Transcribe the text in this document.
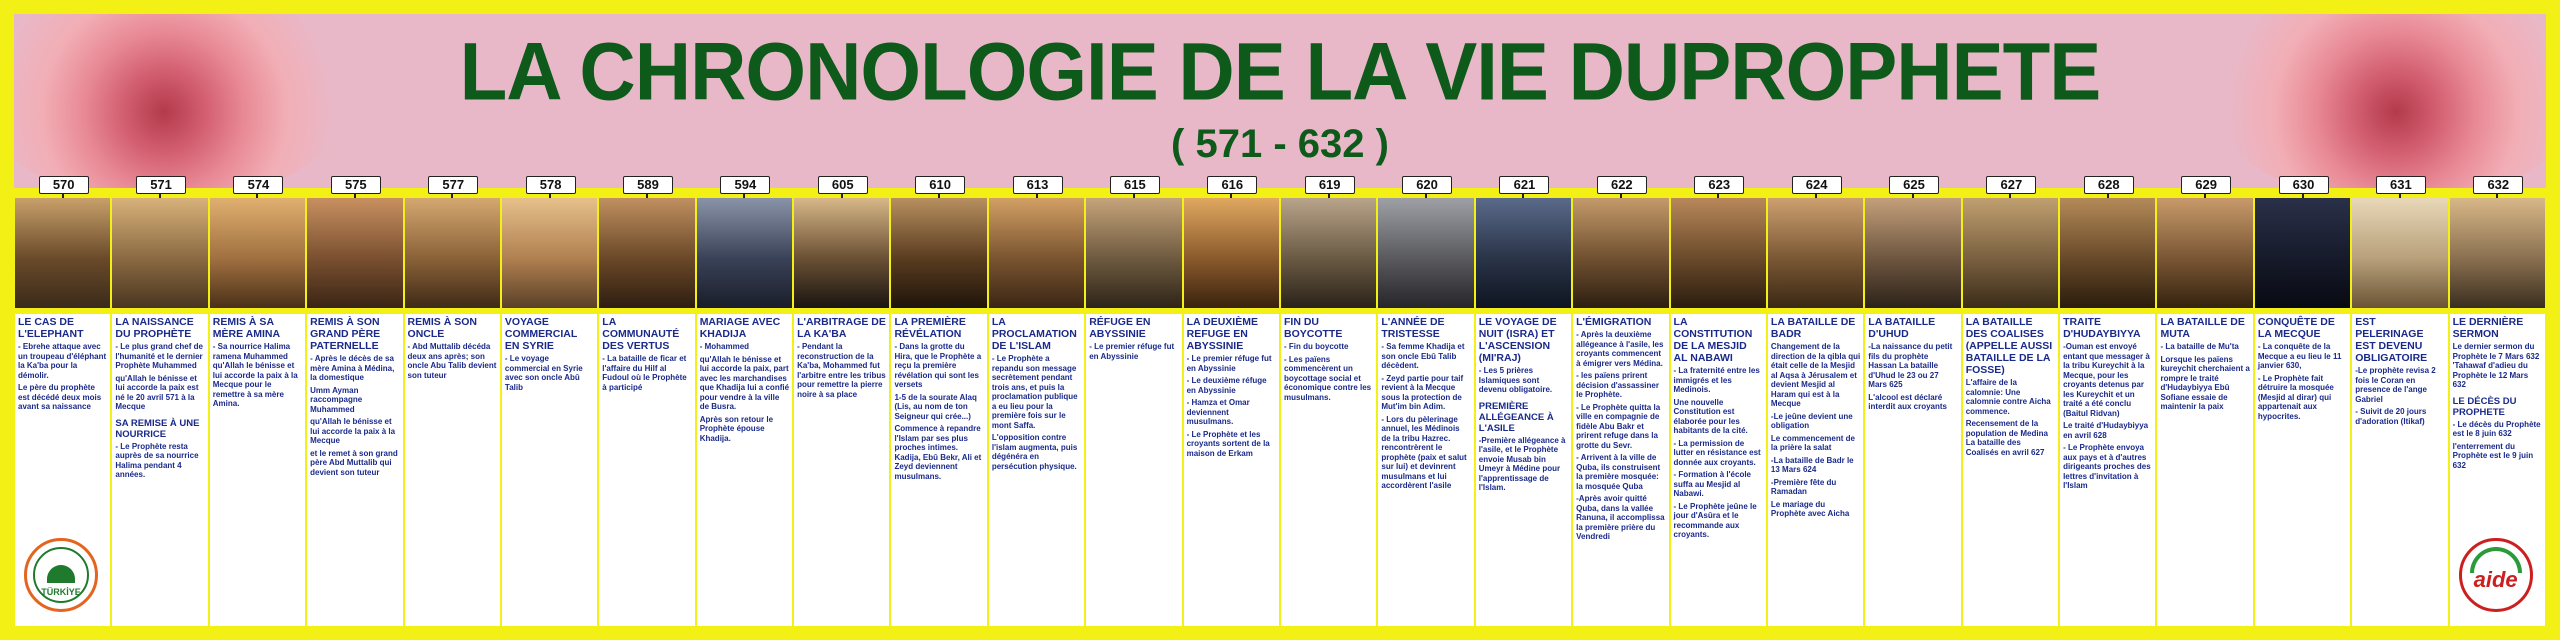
LA CHRONOLOGIE DE LA VIE DUPROPHETE
( 571 - 632 )
570
LE CAS DE L'ELEPHANT

- Ebrehe attaque avec un troupeau d'éléphant la Ka'ba pour la démolir.

Le père du prophète est décédé deux mois avant sa naissance

TÜRKİYE
571
LA NAISSANCE DU PROPHÈTE

- Le plus grand chef de l'humanité et le dernier Prophète Muhammed

qu'Allah le bénisse et lui accorde la paix est né le 20 avril 571 à la Mecque

SA REMISE À UNE NOURRICE

- Le Prophète resta auprès de sa nourrice Halima pendant 4 années.

574
REMIS À SA MÈRE AMINA

- Sa nourrice Halima ramena Muhammed qu'Allah le bénisse et lui accorde la paix à la Mecque pour le remettre à sa mère Amina.

575
REMIS À SON GRAND PÈRE PATERNELLE

- Après le décès de sa mère Amina à Médina, la domestique

Umm Ayman raccompagne Muhammed

qu'Allah le bénisse et lui accorde la paix à la Mecque

et le remet à son grand père Abd Muttalib qui devient son tuteur

577
REMIS À SON ONCLE

- Abd Muttalib décéda deux ans après; son oncle Abu Talib devient son tuteur

578
VOYAGE COMMERCIAL EN SYRIE

- Le voyage commercial en Syrie avec son oncle Abû Talib

589
LA COMMUNAUTÉ DES VERTUS

- La bataille de ficar et l'affaire du Hilf al Fudoul où le Prophète à participé

594
MARIAGE AVEC KHADIJA

- Mohammed

qu'Allah le bénisse et lui accorde la paix, part avec les marchandises que Khadija lui a confié pour vendre à la ville de Busra.

Après son retour le Prophète épouse Khadija.

605
L'ARBITRAGE DE LA KA'BA

- Pendant la reconstruction de la Ka'ba, Mohammed fut l'arbitre entre les tribus pour remettre la pierre noire à sa place

610
LA PREMIÈRE RÉVÉLATION

- Dans la grotte du Hira, que le Prophète a reçu la première révélation qui sont les versets

1-5 de la sourate Alaq (Lis, au nom de ton Seigneur qui crée...)

Commence à repandre l'Islam par ses plus proches intimes. Kadija, Ebû Bekr, Ali et Zeyd deviennent musulmans.

613
LA PROCLAMATION DE L'ISLAM

- Le Prophète a repandu son message secrètement pendant trois ans, et puis la proclamation publique a eu lieu pour la première fois sur le mont Saffa.

L'opposition contre l'islam augmenta, puis dégénéra en persécution physique.

615
RÉFUGE EN ABYSSINIE

- Le premier réfuge fut en Abyssinie

616
LA DEUXIÈME REFUGE EN ABYSSINIE

- Le premier réfuge fut en Abyssinie

- Le deuxième réfuge en Abyssinie

- Hamza et Omar deviennent musulmans.

- Le Prophète et les croyants sortent de la maison de Erkam

619
FIN DU BOYCOTTE

- Fin du boycotte

- Les païens commencèrent un boycottage social et économique contre les musulmans.

620
L'ANNÉE DE TRISTESSE

- Sa femme Khadija et son oncle Ebû Talib décèdent.

- Zeyd partie pour taif revient à la Mecque sous la protection de Mut'im bin Adim.

- Lors du pèlerinage annuel, les Médinois de la tribu Hazrec. rencontrèrent le prophète (paix et salut sur lui) et devinrent musulmans et lui accordèrent l'asile

621
LE VOYAGE DE NUIT (ISRA) ET L'ASCENSION (MI'RAJ)

- Les 5 prières Islamiques sont devenu obligatoire.

PREMIÈRE ALLÉGEANCE À L'ASILE

-Première allégeance à l'asile, et le Prophète envoie Musab bin Umeyr à Médine pour l'apprentissage de l'Islam.

622
L'ÉMIGRATION

- Après la deuxième allégeance à l'asile, les croyants commencent à émigrer vers Médina.

- les païens prirent décision d'assassiner le Prophète.

- Le Prophète quitta la ville en compagnie de fidèle Abu Bakr et prirent refuge dans la grotte du Sevr.

- Arrivent à la ville de Quba, ils construisent la première mosquée: la mosquée Quba

-Après avoir quitté Quba, dans la vallée Ranuna, il accomplissa la première prière du Vendredi

623
LA CONSTITUTION DE LA MESJID AL NABAWI

- La fraternité entre les immigrés et les Medinois.

Une nouvelle Constitution est élaborée pour les habitants de la cité.

- La permission de lutter en résistance est donnée aux croyants.

- Formation à l'école suffa au Mesjid al Nabawi.

- Le Prophète jeûne le jour d'Asûra et le recommande aux croyants.

624
LA BATAILLE DE BADR

Changement de la direction de la qibla qui était celle de la Mesjid al Aqsa à Jérusalem et devient Mesjid al Haram qui est à la Mecque

-Le jeûne devient une obligation

Le commencement de la prière la salat

-La bataille de Badr le 13 Mars 624

-Première fête du Ramadan

Le mariage du Prophète avec Aicha

625
LA BATAILLE D'UHUD

-La naissance du petit fils du prophète Hassan La bataille d'Uhud le 23 ou 27 Mars 625

L'alcool est déclaré interdit aux croyants

627
LA BATAILLE DES COALISES (APPELLE AUSSI BATAILLE DE LA FOSSE)

L'affaire de la calomnie: Une calomnie contre Aicha commence.

Recensement de la population de Medina La bataille des Coalisés en avril 627

628
TRAITE D'HUDAYBIYYA

-Ouman est envoyé entant que messager à la tribu Kureychit à la Mecque, pour les croyants detenus par les Kureychit et un traité a été conclu (Baitul Ridvan)

Le traité d'Hudaybiyya en avril 628

- Le Prophète envoya aux pays et à d'autres dirigeants proches des lettres d'invitation à l'Islam

629
LA BATAILLE DE MUTA

- La bataille de Mu'ta

Lorsque les païens kureychit cherchaient a rompre le traité d'Hudaybiyya Ebû Sofiane essaie de maintenir la paix

630
CONQUÊTE DE LA MECQUE

- La conquête de la Mecque a eu lieu le 11 janvier 630,

- Le Prophète fait détruire la mosquée (Mesjid al dirar) qui appartenait aux hypocrites.

631
EST PELERINAGE EST DEVENU OBLIGATOIRE

-Le prophète revisa 2 fois le Coran en presence de l'ange Gabriel

- Suivit de 20 jours d'adoration (Itikaf)

632
LE DERNIÈRE SERMON

Le dernier sermon du Prophète le 7 Mars 632 'Tahawaf d'adieu du Prophète le 12 Mars 632

LE DÉCÈS DU PROPHETE

- Le décès du Prophète est le 8 juin 632

l'enterrement du Prophète est le 9 juin 632

aide
